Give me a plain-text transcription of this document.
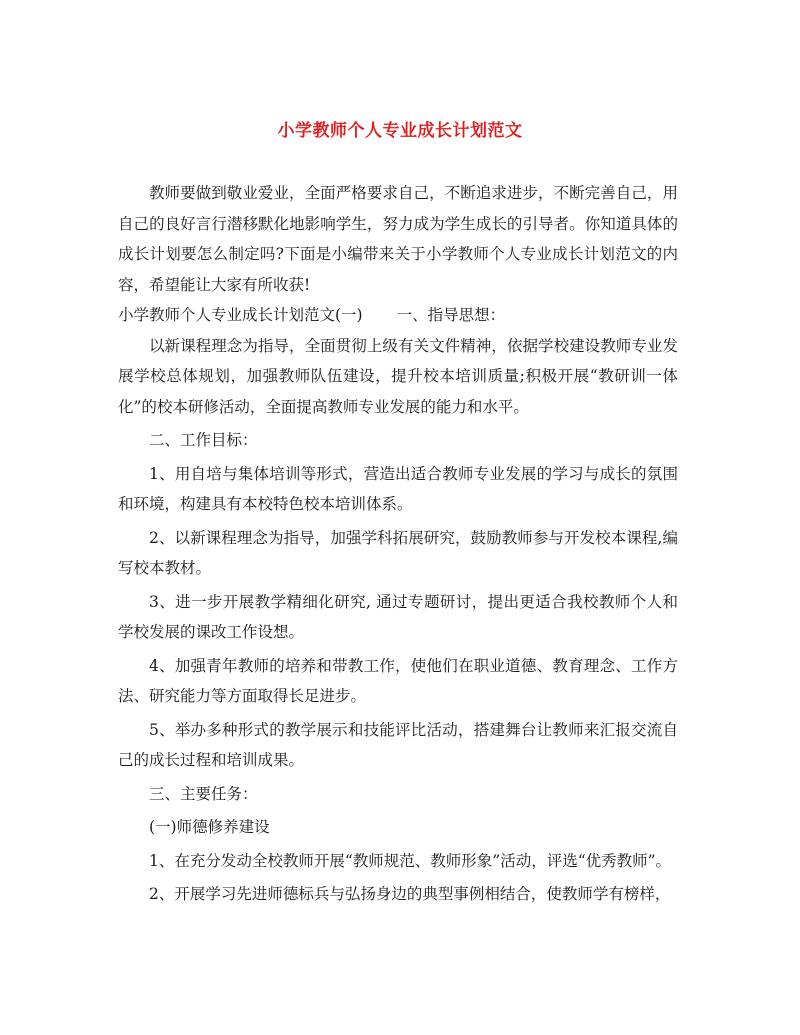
小学教师个人专业成长计划范文

教师要做到敬业爱业，全面严格要求自己，不断追求进步，不断完善自己，用自己的良好言行潜移默化地影响学生，努力成为学生成长的引导者。你知道具体的成长计划要怎么制定吗?下面是小编带来关于小学教师个人专业成长计划范文的内容，希望能让大家有所收获!

小学教师个人专业成长计划范文(一) 一、指导思想：

以新课程理念为指导，全面贯彻上级有关文件精神，依据学校建设教师专业发展学校总体规划，加强教师队伍建设，提升校本培训质量;积极开展“教研训一体化”的校本研修活动，全面提高教师专业发展的能力和水平。

二、工作目标：

1、用自培与集体培训等形式，营造出适合教师专业发展的学习与成长的氛围和环境，构建具有本校特色校本培训体系。

2、以新课程理念为指导，加强学科拓展研究，鼓励教师参与开发校本课程,编写校本教材。

3、进一步开展教学精细化研究, 通过专题研讨，提出更适合我校教师个人和学校发展的课改工作设想。

4、加强青年教师的培养和带教工作，使他们在职业道德、教育理念、工作方法、研究能力等方面取得长足进步。

5、举办多种形式的教学展示和技能评比活动，搭建舞台让教师来汇报交流自己的成长过程和培训成果。

三、主要任务：

(一)师德修养建设

1、在充分发动全校教师开展“教师规范、教师形象”活动，评选“优秀教师”。

2、开展学习先进师德标兵与弘扬身边的典型事例相结合，使教师学有榜样，
